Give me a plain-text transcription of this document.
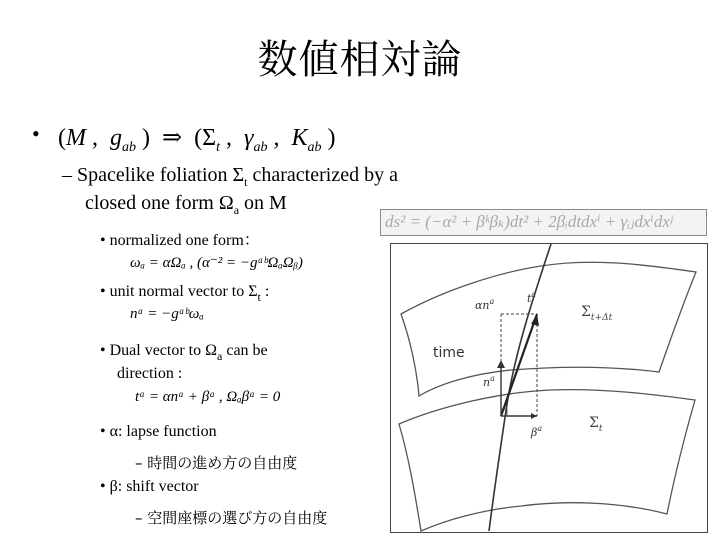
数値相対論
• (M ,  $g_{ab}$ )  ⇒  ($\Sigma_t$ ,  $\gamma_{ab}$ ,  $K_{ab}$ )
– Spacelike foliation $\Sigma_t$ characterized by a
closed one form $\Omega_a$ on M
ds² = (−α² + βᵏβₖ)dt² + 2βᵢdtdxⁱ + γᵢⱼdxⁱdxʲ
• normalized one form：
ωₐ = αΩₐ , (α⁻² = −gᵃᵇΩₐΩᵦ)
• unit normal vector to $\Sigma_t$ :
nᵃ = −gᵃᵇωₐ
• Dual vector to $\Omega_a$ can be
direction :
tᵃ = αnᵃ + βᵃ , Ωₐβᵃ = 0
• α: lapse function
– 時間の進め方の自由度
• β: shift vector
– 空間座標の選び方の自由度
time
$\alpha n^a$	$t^a$
$n^a$
$\beta^a$
$\Sigma_{t+\Delta t}$
$\Sigma_t$
